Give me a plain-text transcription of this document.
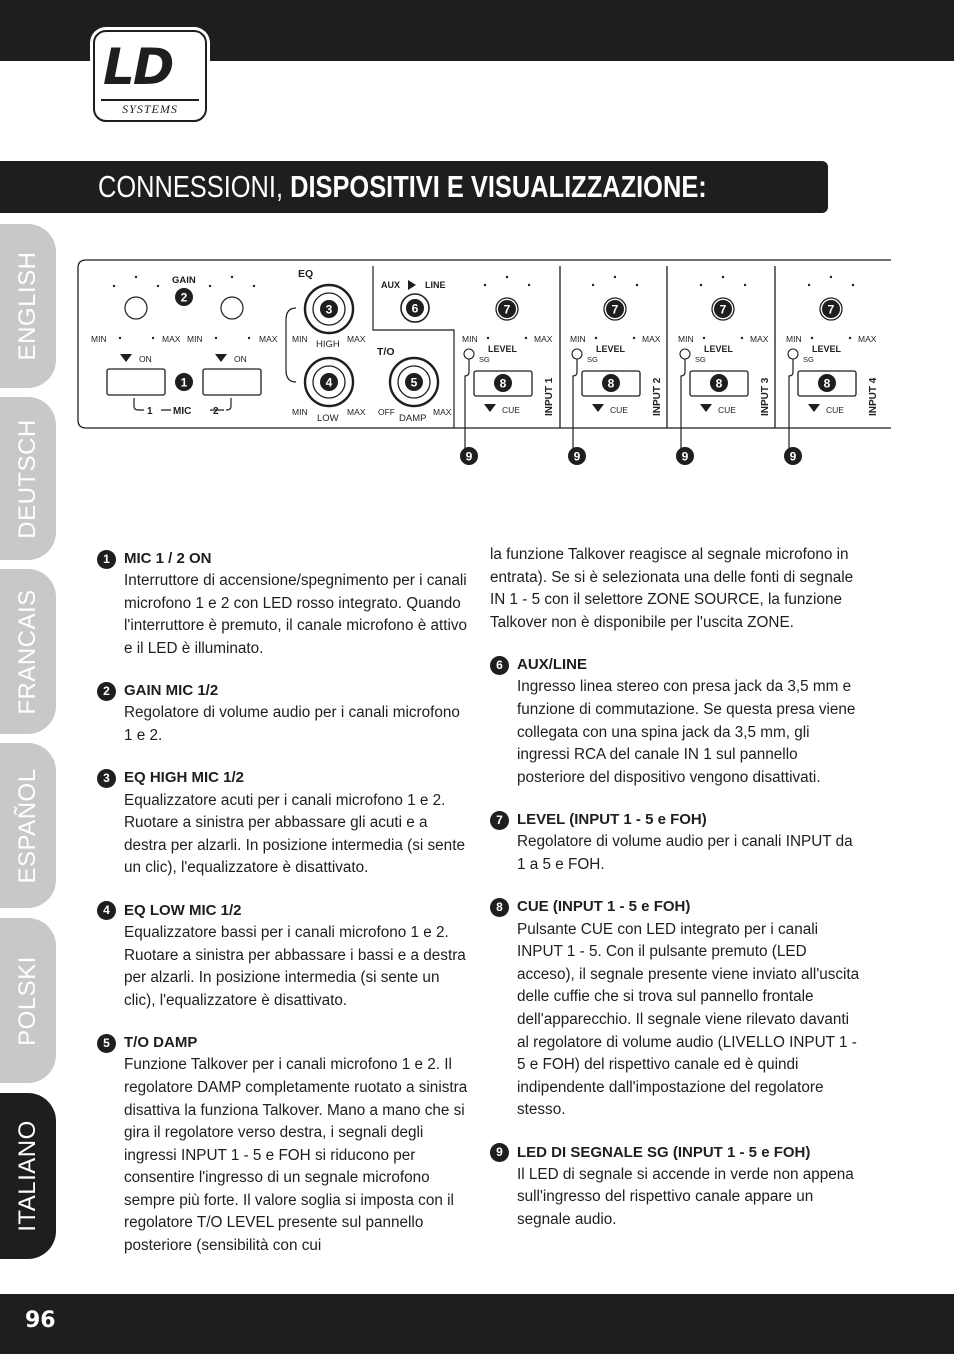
LD
SYSTEMS
CONNESSIONI, DISPOSITIVI E VISUALIZZAZIONE:
ENGLISH
DEUTSCH
FRANCAIS
ESPAÑOL
POLSKI
ITALIANO
GAIN
2
MIN	MAX MIN	MAX
ON	ON
1
1 MIC 2
EQ
3
MIN HIGH MAX
4
MIN
LOW
MAX
AUX	LINE
6
T/O
5
OFF
DAMP
MAX
7
MIN	MAX
LEVEL
SG
8
CUE INPUT 1
9
7
MIN	MAX
LEVEL
SG
8
CUE INPUT 2
9
7
MIN	MAX
LEVEL
SG
8
CUE INPUT 3
9
7
MIN	MAX
LEVEL
SG
8
CUE INPUT 4
9
1 MIC 1 / 2 ON
Interruttore di accensione/spegnimento per i canali microfono 1 e 2 con LED rosso integrato. Quando l'interruttore è premuto, il canale microfono è attivo e il LED è illuminato.
2 GAIN MIC 1/2
Regolatore di volume audio per i canali microfono 1 e 2.
3 EQ HIGH MIC 1/2
Equalizzatore acuti per i canali microfono 1 e 2. Ruotare a sinistra per abbassare gli acuti e a destra per alzarli. In posizione intermedia (si sente un clic), l'equalizzatore è disattivato.
4 EQ LOW MIC 1/2
Equalizzatore bassi per i canali microfono 1 e 2. Ruotare a sinistra per abbassare i bassi e a destra per alzarli. In posizione intermedia (si sente un clic), l'equalizzatore è disattivato.
5 T/O DAMP
Funzione Talkover per i canali microfono 1 e 2. Il regolatore DAMP completamente ruotato a sinistra disattiva la funziona Talkover. Mano a mano che si gira il regolatore verso destra, i segnali degli ingressi INPUT 1 - 5 e FOH si riducono per consentire l'ingresso di un segnale microfono sempre più forte. Il valore soglia si imposta con il regolatore T/O LEVEL presente sul pannello posteriore (sensibilità con cui
la funzione Talkover reagisce al segnale microfono in entrata). Se si è selezionata una delle fonti di segnale IN 1 - 5 con il selettore ZONE SOURCE, la funzione Talkover non è disponibile per l'uscita ZONE.
6 AUX/LINE
Ingresso linea stereo con presa jack da 3,5 mm e funzione di commutazione. Se questa presa viene collegata con una spina jack da 3,5 mm, gli ingressi RCA del canale IN 1 sul pannello posteriore del dispositivo vengono disattivati.
7 LEVEL (INPUT 1 - 5 e FOH)
Regolatore di volume audio per i canali INPUT da 1 a 5 e FOH.
8 CUE (INPUT 1 - 5 e FOH)
Pulsante CUE con LED integrato per i canali INPUT 1 - 5. Con il pulsante premuto (LED acceso), il segnale presente viene inviato all'uscita delle cuffie che si trova sul pannello frontale dell'apparecchio. Il segnale viene rilevato davanti al regolatore di volume audio (LIVELLO INPUT 1 - 5 e FOH) del rispettivo canale ed è quindi indipendente dall'impostazione del regolatore stesso.
9 LED DI SEGNALE SG (INPUT 1 - 5 e FOH)
Il LED di segnale si accende in verde non appena sull'ingresso del rispettivo canale appare un segnale audio.
96
